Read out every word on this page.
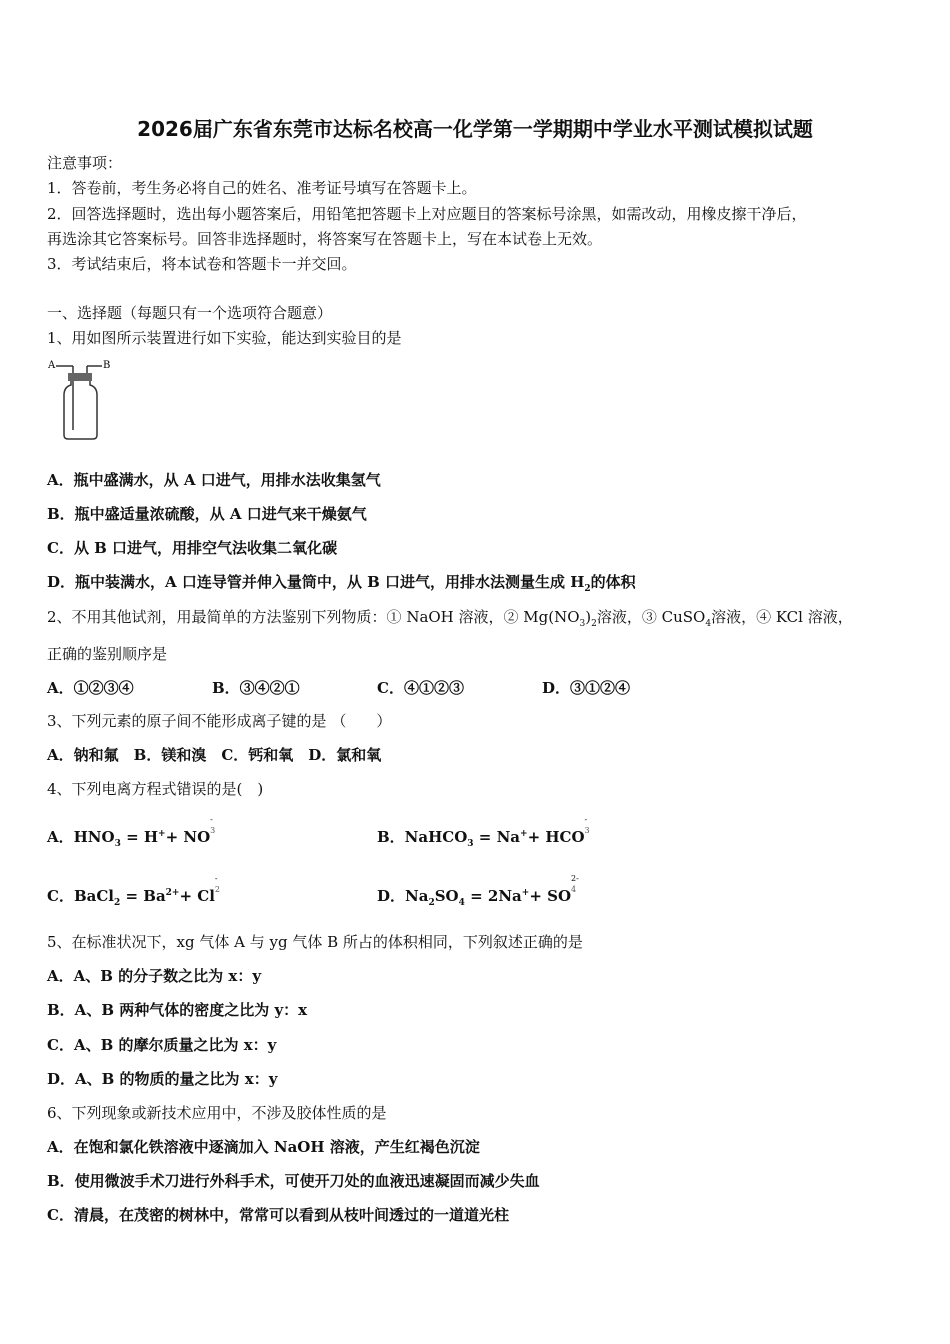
2026届广东省东莞市达标名校高一化学第一学期期中学业水平测试模拟试题
注意事项：
1．答卷前，考生务必将自己的姓名、准考证号填写在答题卡上。
2．回答选择题时，选出每小题答案后，用铅笔把答题卡上对应题目的答案标号涂黑，如需改动，用橡皮擦干净后，
再选涂其它答案标号。回答非选择题时，将答案写在答题卡上，写在本试卷上无效。
3．考试结束后，将本试卷和答题卡一并交回。
一、选择题（每题只有一个选项符合题意）
1、用如图所示装置进行如下实验，能达到实验目的是
A	B
A．瓶中盛满水，从 A 口进气，用排水法收集氢气
B．瓶中盛适量浓硫酸，从 A 口进气来干燥氨气
C．从 B 口进气，用排空气法收集二氧化碳
D．瓶中装满水，A 口连导管并伸入量筒中，从 B 口进气，用排水法测量生成 $H_2$的体积
2、不用其他试剂，用最简单的方法鉴别下列物质：① NaOH 溶液，② $Mg(NO_3)_2$溶液，③ CuSO$_4$溶液，④ KCl 溶液，
正确的鉴别顺序是
A．①②③④	B．③④②①	C．④①②③	D．③①②④
3、下列元素的原子间不能形成离子键的是 （　　）
A．钠和氟　B．镁和溴　C．钙和氧　D．氯和氧
4、下列电离方程式错误的是(　)
A．$HNO_3 = H^++$ NO
-
3	B．NaHCO$_3$ = Na++ HCO
-
3
C．BaCl$_2$ = $Ba^{2+}+ Cl$
-
2	D．$Na_2SO_4 = 2Na^++$ SO
2-
4
5、在标准状况下，xg 气体 A 与 yg 气体 B 所占的体积相同，下列叙述正确的是
A．A、B 的分子数之比为 x：y
B．A、B 两种气体的密度之比为 y：x
C．A、B 的摩尔质量之比为 x：y
D．A、B 的物质的量之比为 x：y
6、下列现象或新技术应用中，不涉及胶体性质的是
A．在饱和氯化铁溶液中逐滴加入 NaOH 溶液，产生红褐色沉淀
B．使用微波手术刀进行外科手术，可使开刀处的血液迅速凝固而减少失血
C．清晨，在茂密的树林中，常常可以看到从枝叶间透过的一道道光柱
